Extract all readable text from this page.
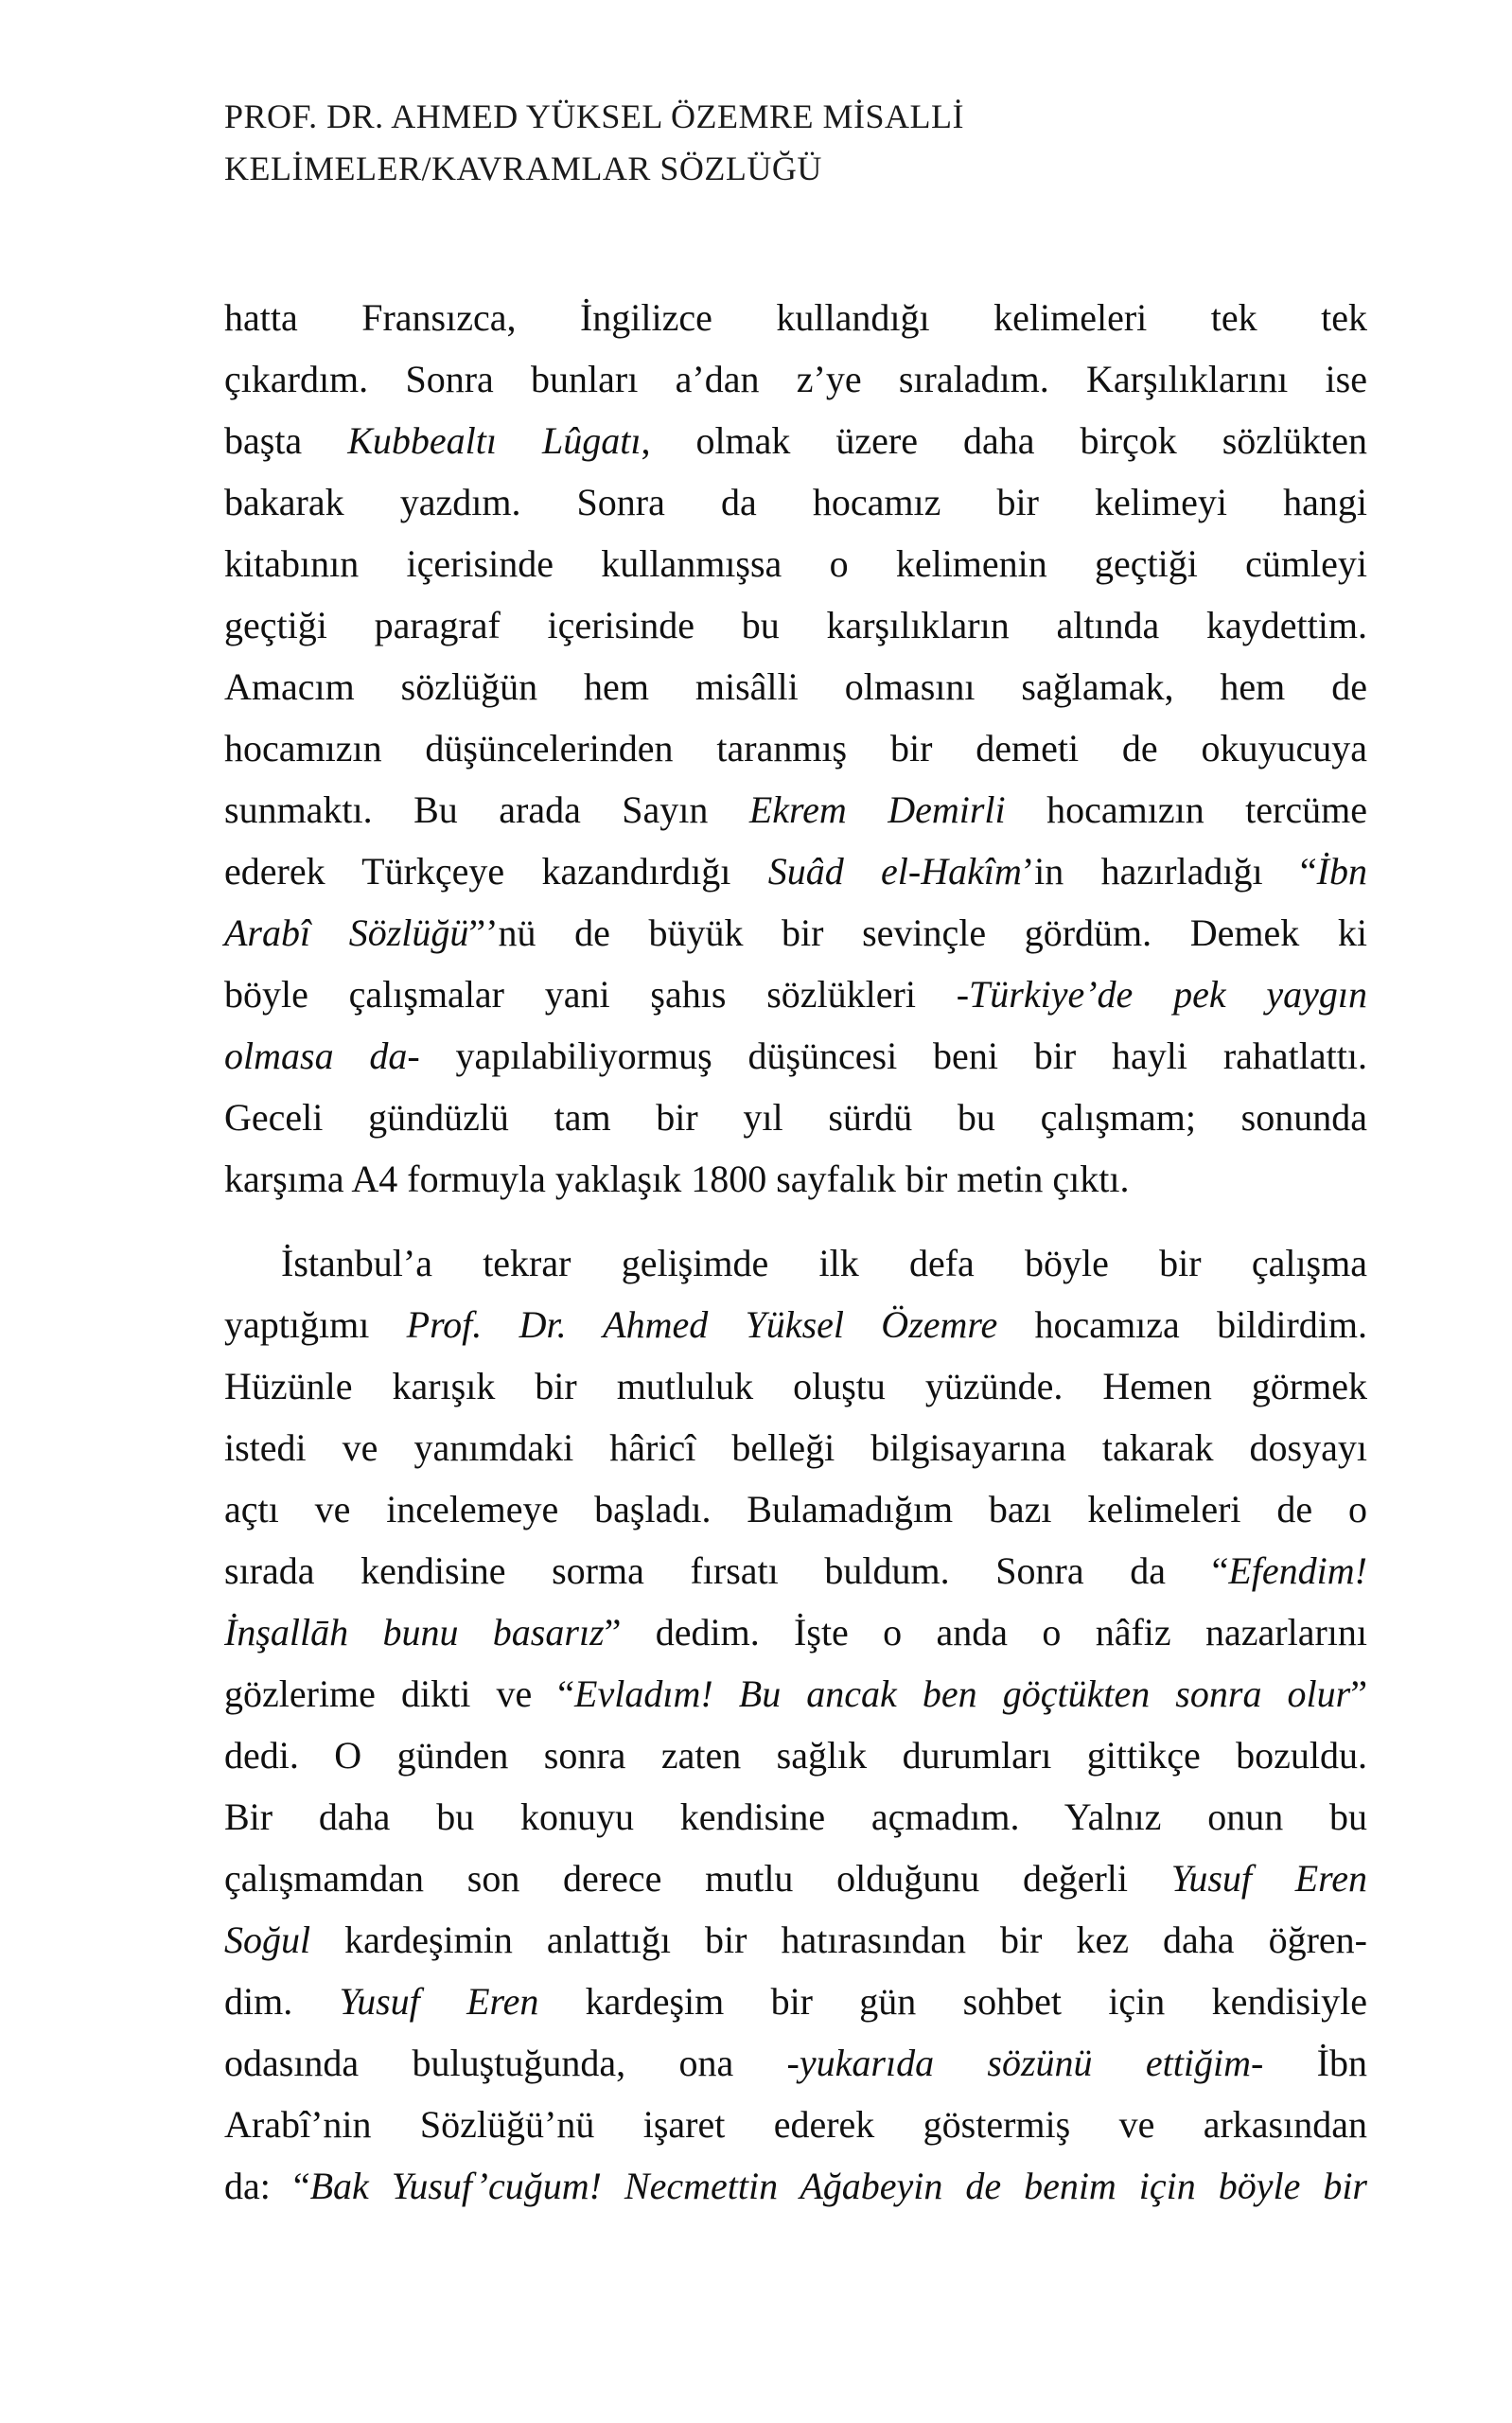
PROF. DR. AHMED YÜKSEL ÖZEMRE MİSALLİ
KELİMELER/KAVRAMLAR SÖZLÜĞÜ
hatta Fransızca, İngilizce kullandığı kelimeleri tek tek
çıkardım. Sonra bunları a’dan z’ye sıraladım. Karşılıklarını ise
başta Kubbealtı Lûgatı, olmak üzere daha birçok sözlükten
bakarak yazdım. Sonra da hocamız bir kelimeyi hangi
kitabının içerisinde kullanmışsa o kelimenin geçtiği cümleyi
geçtiği paragraf içerisinde bu karşılıkların altında kaydettim.
Amacım sözlüğün hem misâlli olmasını sağlamak, hem de
hocamızın düşüncelerinden taranmış bir demeti de okuyucuya
sunmaktı. Bu arada Sayın Ekrem Demirli hocamızın tercüme
ederek Türkçeye kazandırdığı Suâd el-Hakîm’in hazırladığı “İbn
Arabî Sözlüğü”’nü de büyük bir sevinçle gördüm. Demek ki
böyle çalışmalar yani şahıs sözlükleri -Türkiye’de pek yaygın
olmasa da- yapılabiliyormuş düşüncesi beni bir hayli rahatlattı.
Geceli gündüzlü tam bir yıl sürdü bu çalışmam; sonunda
karşıma A4 formuyla yaklaşık 1800 sayfalık bir metin çıktı.
İstanbul’a tekrar gelişimde ilk defa böyle bir çalışma
yaptığımı Prof. Dr. Ahmed Yüksel Özemre hocamıza bildirdim.
Hüzünle karışık bir mutluluk oluştu yüzünde. Hemen görmek
istedi ve yanımdaki hâricî belleği bilgisayarına takarak dosyayı
açtı ve incelemeye başladı. Bulamadığım bazı kelimeleri de o
sırada kendisine sorma fırsatı buldum. Sonra da “Efendim!
İnşallāh bunu basarız” dedim. İşte o anda o nâfiz nazarlarını
gözlerime dikti ve “Evladım! Bu ancak ben göçtükten sonra olur”
dedi. O günden sonra zaten sağlık durumları gittikçe bozuldu.
Bir daha bu konuyu kendisine açmadım. Yalnız onun bu
çalışmamdan son derece mutlu olduğunu değerli Yusuf Eren
Soğul kardeşimin anlattığı bir hatırasından bir kez daha öğren-
dim. Yusuf Eren kardeşim bir gün sohbet için kendisiyle
odasında buluştuğunda, ona -yukarıda sözünü ettiğim- İbn
Arabî’nin Sözlüğü’nü işaret ederek göstermiş ve arkasından
da: “Bak Yusuf’cuğum! Necmettin Ağabeyin de benim için böyle bir
